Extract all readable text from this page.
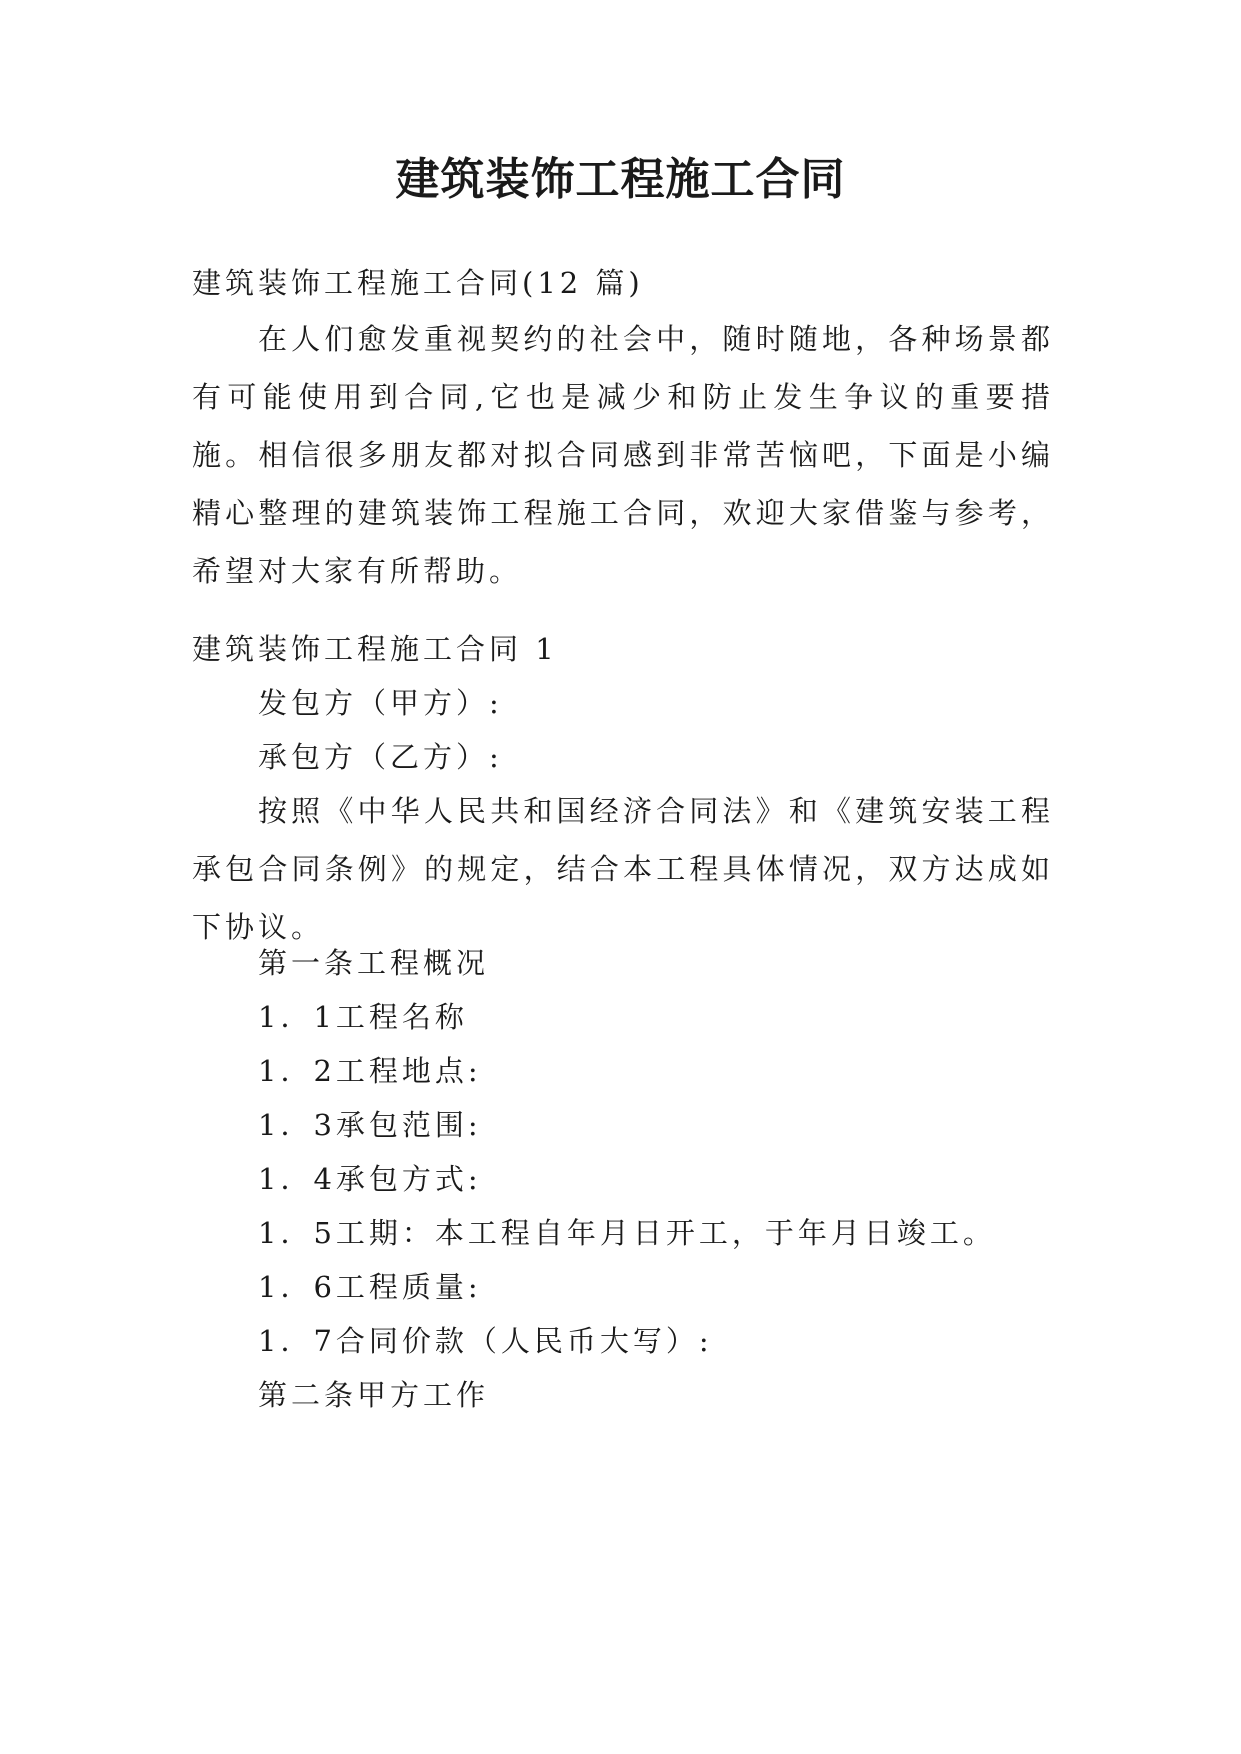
建筑装饰工程施工合同

建筑装饰工程施工合同(12 篇)

在人们愈发重视契约的社会中，随时随地，各种场景都有可能使用到合同,它也是减少和防止发生争议的重要措施。相信很多朋友都对拟合同感到非常苦恼吧，下面是小编精心整理的建筑装饰工程施工合同，欢迎大家借鉴与参考，希望对大家有所帮助。

建筑装饰工程施工合同 1

发包方（甲方）:

承包方（乙方）:

按照《中华人民共和国经济合同法》和《建筑安装工程承包合同条例》的规定，结合本工程具体情况，双方达成如下协议。

第一条工程概况

1．1工程名称

1．2工程地点:

1．3承包范围:

1．4承包方式:

1．5工期：本工程自年月日开工，于年月日竣工。

1．6工程质量:

1．7合同价款（人民币大写）:

第二条甲方工作
